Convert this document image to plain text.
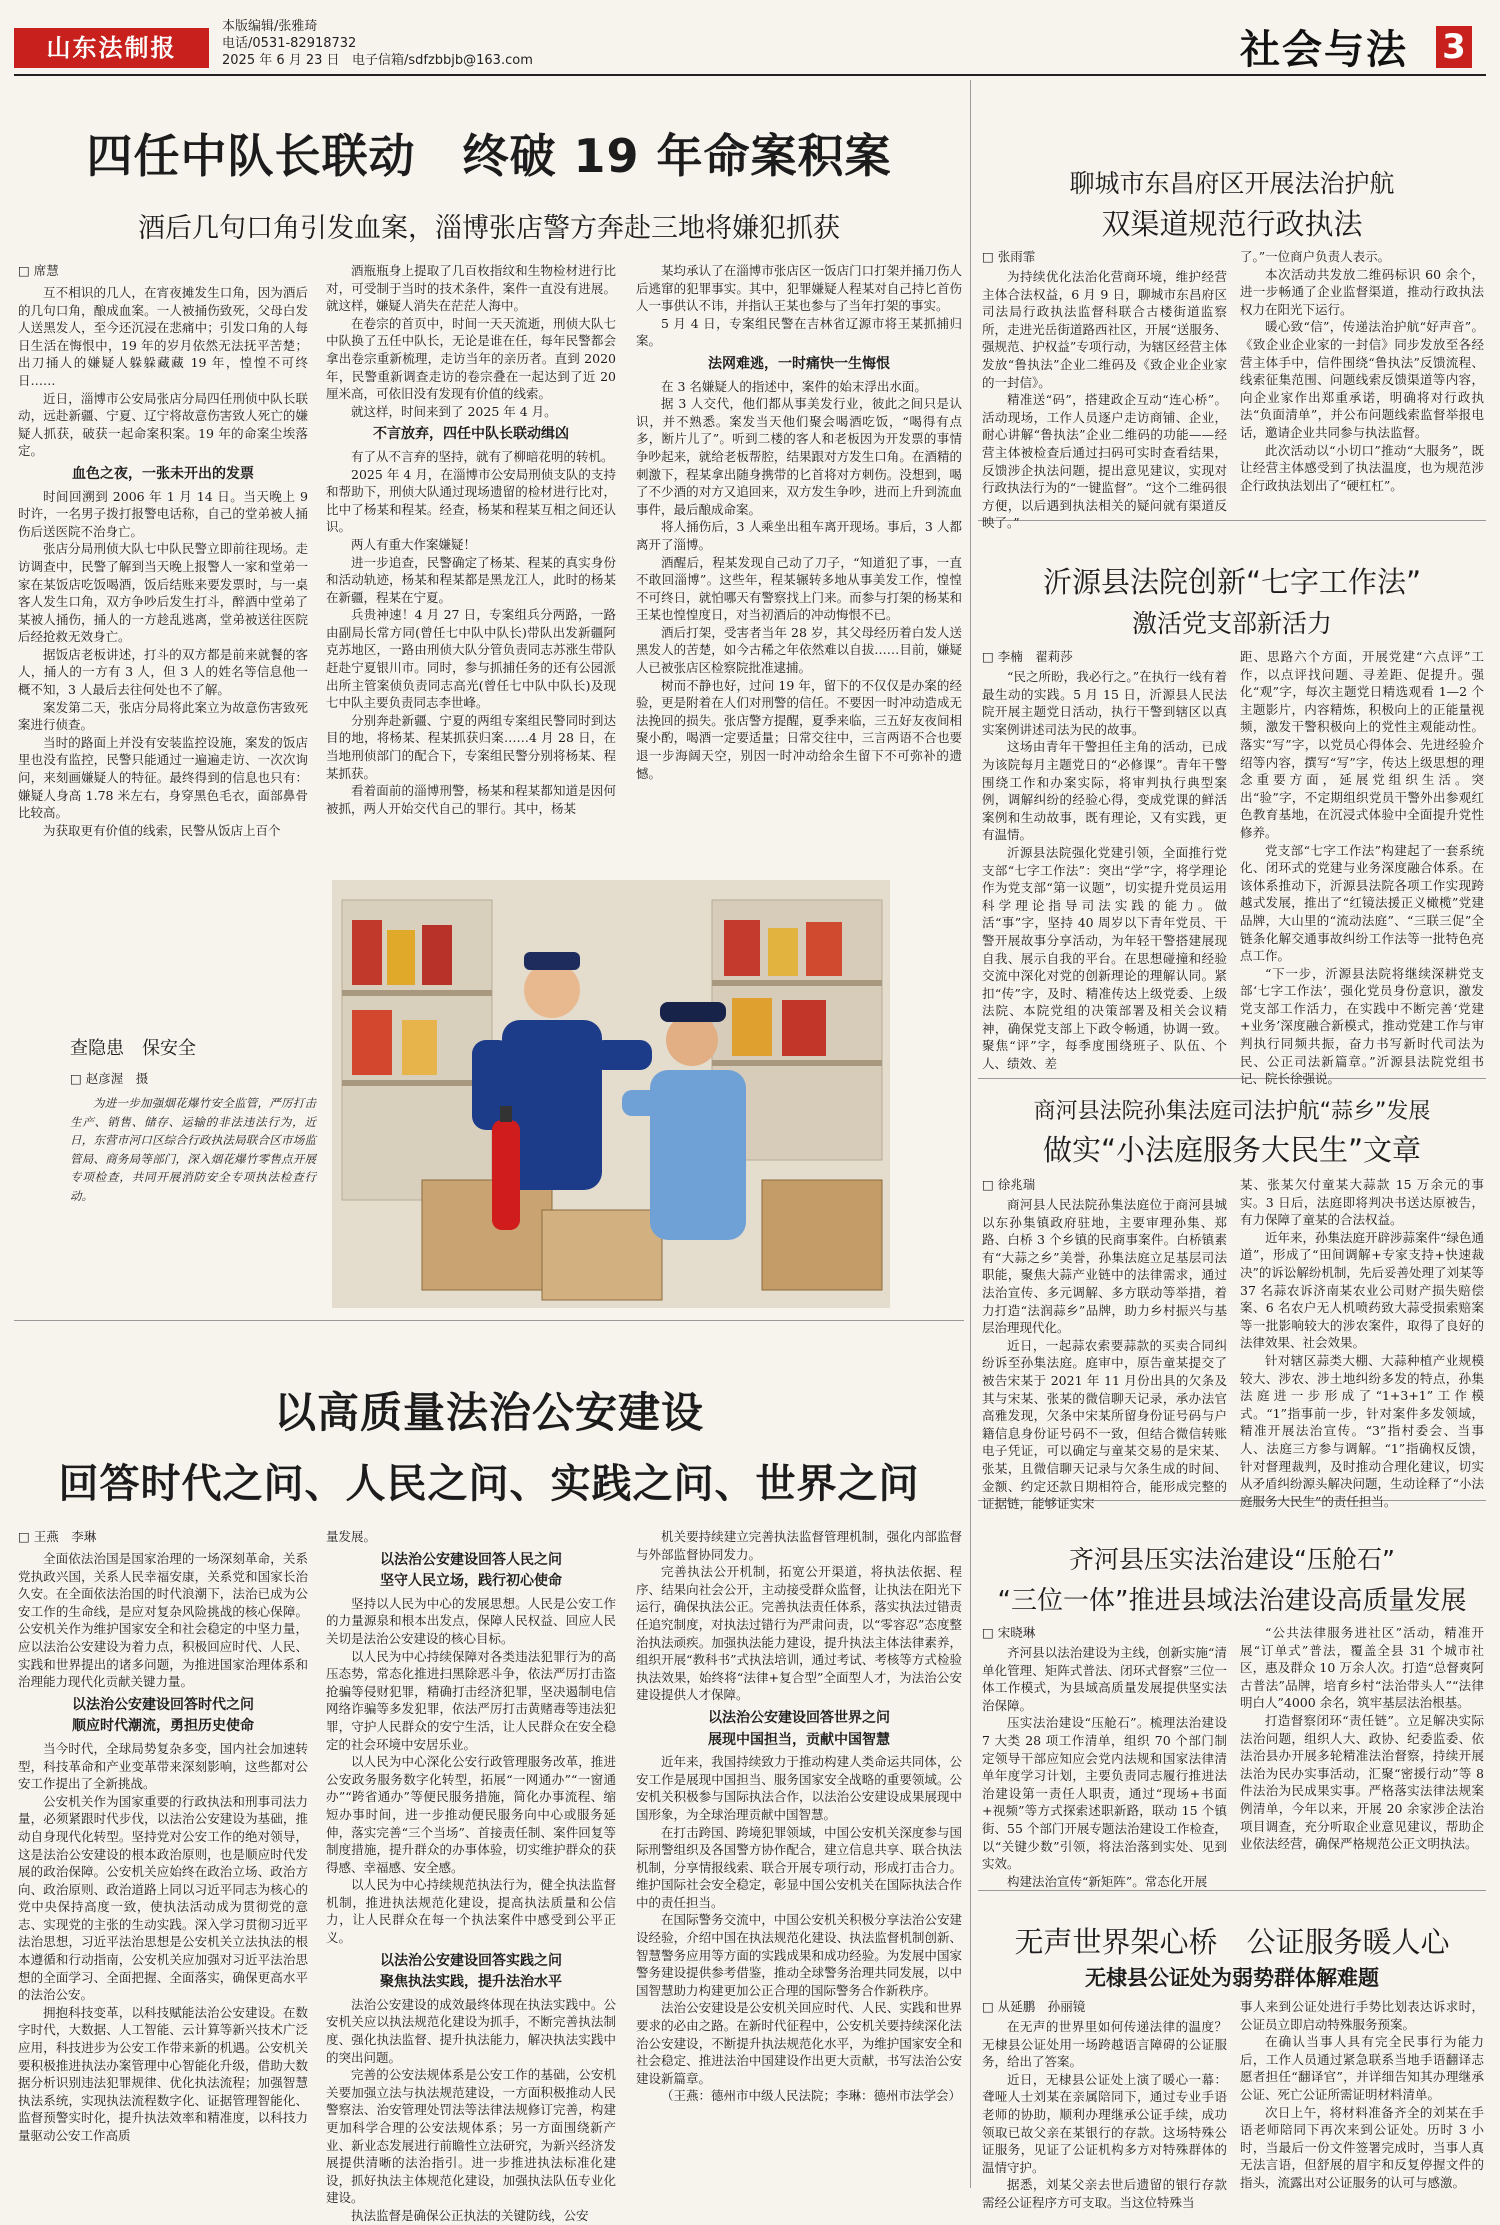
山东法制报
本版编辑/张雅琦
电话/0531-82918732
2025 年 6 月 23 日 电子信箱/sdfzbbjb@163.com	社会与法 3
四任中队长联动　终破 19 年命案积案
酒后几句口角引发血案，淄博张店警方奔赴三地将嫌犯抓获
□ 席慧

互不相识的几人，在宵夜摊发生口角，因为酒后的几句口角，酿成血案。一人被捅伤致死，父母白发人送黑发人，至今还沉浸在悲痛中；引发口角的人每日生活在悔恨中，19 年的岁月依然无法抚平苦楚；出刀捅人的嫌疑人躲躲藏藏 19 年，惶惶不可终日……

近日，淄博市公安局张店分局四任刑侦中队长联动，远赴新疆、宁夏、辽宁将故意伤害致人死亡的嫌疑人抓获，破获一起命案积案。19 年的命案尘埃落定。

血色之夜，一张未开出的发票

时间回溯到 2006 年 1 月 14 日。当天晚上 9 时许，一名男子拨打报警电话称，自己的堂弟被人捅伤后送医院不治身亡。

张店分局刑侦大队七中队民警立即前往现场。走访调查中，民警了解到当天晚上报警人一家和堂弟一家在某饭店吃饭喝酒，饭后结账来要发票时，与一桌客人发生口角，双方争吵后发生打斗，醉酒中堂弟了某被人捅伤，捅人的一方趁乱逃离，堂弟被送往医院后经抢救无效身亡。

据饭店老板讲述，打斗的双方都是前来就餐的客人，捅人的一方有 3 人，但 3 人的姓名等信息他一概不知，3 人最后去往何处也不了解。

案发第二天，张店分局将此案立为故意伤害致死案进行侦查。

当时的路面上并没有安装监控设施，案发的饭店里也没有监控，民警只能通过一遍遍走访、一次次询问，来刻画嫌疑人的特征。最终得到的信息也只有：嫌疑人身高 1.78 米左右，身穿黑色毛衣，面部鼻骨比较高。

为获取更有价值的线索，民警从饭店上百个

酒瓶瓶身上提取了几百枚指纹和生物检材进行比对，可受制于当时的技术条件，案件一直没有进展。就这样，嫌疑人消失在茫茫人海中。

在卷宗的首页中，时间一天天流逝，刑侦大队七中队换了五任中队长，无论是谁在任，每年民警都会拿出卷宗重新梳理，走访当年的亲历者。直到 2020 年，民警重新调查走访的卷宗叠在一起达到了近 20 厘米高，可依旧没有发现有价值的线索。

就这样，时间来到了 2025 年 4 月。

不言放弃，四任中队长联动缉凶

有了从不言弃的坚持，就有了柳暗花明的转机。

2025 年 4 月，在淄博市公安局刑侦支队的支持和帮助下，刑侦大队通过现场遗留的检材进行比对，比中了杨某和程某。经查，杨某和程某互相之间还认识。

两人有重大作案嫌疑！

进一步追查，民警确定了杨某、程某的真实身份和活动轨迹，杨某和程某都是黑龙江人，此时的杨某在新疆，程某在宁夏。

兵贵神速！4 月 27 日，专案组兵分两路，一路由副局长常方同(曾任七中队中队长)带队出发新疆阿克苏地区，一路由刑侦大队分管负责同志苏涨生带队赶赴宁夏银川市。同时，参与抓捕任务的还有公园派出所主管案侦负责同志高光(曾任七中队中队长)及现七中队主要负责同志李世峰。

分别奔赴新疆、宁夏的两组专案组民警同时到达目的地，将杨某、程某抓获归案……4 月 28 日，在当地刑侦部门的配合下，专案组民警分别将杨某、程某抓获。

看着面前的淄博刑警，杨某和程某都知道是因何被抓，两人开始交代自己的罪行。其中，杨某

某均承认了在淄博市张店区一饭店门口打架并捅刀伤人后逃窜的犯罪事实。其中，犯罪嫌疑人程某对自己持匕首伤人一事供认不讳，并指认王某也参与了当年打架的事实。

5 月 4 日，专案组民警在吉林省辽源市将王某抓捕归案。

法网难逃，一时痛快一生悔恨

在 3 名嫌疑人的指述中，案件的始末浮出水面。

据 3 人交代，他们都从事美发行业，彼此之间只是认识，并不熟悉。案发当天他们聚会喝酒吃饭，“喝得有点多，断片儿了”。听到二楼的客人和老板因为开发票的事情争吵起来，就给老板帮腔，结果跟对方发生口角。在酒精的刺激下，程某拿出随身携带的匕首将对方刺伤。没想到，喝了不少酒的对方又追回来，双方发生争吵，进而上升到流血事件，最后酿成命案。

将人捅伤后，3 人乘坐出租车离开现场。事后，3 人都离开了淄博。

酒醒后，程某发现自己动了刀子，“知道犯了事，一直不敢回淄博”。这些年，程某辗转多地从事美发工作，惶惶不可终日，就怕哪天有警察找上门来。而参与打架的杨某和王某也惶惶度日，对当初酒后的冲动悔恨不已。

酒后打架，受害者当年 28 岁，其父母经历着白发人送黑发人的苦楚，如今古稀之年依然难以自拔……目前，嫌疑人已被张店区检察院批准逮捕。

树而不静也好，过问 19 年，留下的不仅仅是办案的经验，更是附着在人们对刑警的信任。不要因一时冲动造成无法挽回的损失。张店警方提醒，夏季来临，三五好友夜间相聚小酌，喝酒一定要适量；日常交往中，三言两语不合也要退一步海阔天空，别因一时冲动给余生留下不可弥补的遗憾。

查隐患　保安全
□ 赵彦渥　摄
为进一步加强烟花爆竹安全监管，严厉打击生产、销售、储存、运输的非法违法行为，近日，东营市河口区综合行政执法局联合区市场监管局、商务局等部门，深入烟花爆竹零售点开展专项检查，共同开展消防安全专项执法检查行动。
以高质量法治公安建设
回答时代之问、人民之问、实践之问、世界之问
□ 王燕　李琳

全面依法治国是国家治理的一场深刻革命，关系党执政兴国，关系人民幸福安康，关系党和国家长治久安。在全面依法治国的时代浪潮下，法治已成为公安工作的生命线，是应对复杂风险挑战的核心保障。公安机关作为维护国家安全和社会稳定的中坚力量，应以法治公安建设为着力点，积极回应时代、人民、实践和世界提出的诸多问题，为推进国家治理体系和治理能力现代化贡献关键力量。

以法治公安建设回答时代之问
顺应时代潮流，勇担历史使命

当今时代，全球局势复杂多变，国内社会加速转型，科技革命和产业变革带来深刻影响，这些都对公安工作提出了全新挑战。

公安机关作为国家重要的行政执法和刑事司法力量，必须紧跟时代步伐，以法治公安建设为基础，推动自身现代化转型。坚持党对公安工作的绝对领导，这是法治公安建设的根本政治原则，也是顺应时代发展的政治保障。公安机关应始终在政治立场、政治方向、政治原则、政治道路上同以习近平同志为核心的党中央保持高度一致，使执法活动成为贯彻党的意志、实现党的主张的生动实践。深入学习贯彻习近平法治思想，习近平法治思想是公安机关立法执法的根本遵循和行动指南，公安机关应加强对习近平法治思想的全面学习、全面把握、全面落实，确保更高水平的法治公安。

拥抱科技变革，以科技赋能法治公安建设。在数字时代，大数据、人工智能、云计算等新兴技术广泛应用，科技进步为公安工作带来新的机遇。公安机关要积极推进执法办案管理中心智能化升级，借助大数据分析识别违法犯罪规律、优化执法流程；加强智慧执法系统，实现执法流程数字化、证据管理智能化、监督预警实时化，提升执法效率和精准度，以科技力量驱动公安工作高质

量发展。

以法治公安建设回答人民之问
坚守人民立场，践行初心使命

坚持以人民为中心的发展思想。人民是公安工作的力量源泉和根本出发点，保障人民权益、回应人民关切是法治公安建设的核心目标。

以人民为中心持续保障对各类违法犯罪行为的高压态势，常态化推进扫黑除恶斗争，依法严厉打击盗抢骗等侵财犯罪，精确打击经济犯罪，坚决遏制电信网络诈骗等多发犯罪，依法严厉打击黄赌毒等违法犯罪，守护人民群众的安宁生活，让人民群众在安全稳定的社会环境中安居乐业。

以人民为中心深化公安行政管理服务改革，推进公安政务服务数字化转型，拓展“一网通办”“一窗通办”“跨省通办”等便民服务措施，简化办事流程、缩短办事时间，进一步推动便民服务向中心或服务延伸，落实完善“三个当场”、首接责任制、案件回复等制度措施，提升群众的办事体验，切实维护群众的获得感、幸福感、安全感。

以人民为中心持续规范执法行为，健全执法监督机制，推进执法规范化建设，提高执法质量和公信力，让人民群众在每一个执法案件中感受到公平正义。

以法治公安建设回答实践之问
聚焦执法实践，提升法治水平

法治公安建设的成效最终体现在执法实践中。公安机关应以执法规范化建设为抓手，不断完善执法制度、强化执法监督、提升执法能力，解决执法实践中的突出问题。

完善的公安法规体系是公安工作的基础，公安机关要加强立法与执法规范建设，一方面积极推动人民警察法、治安管理处罚法等法律法规修订完善，构建更加科学合理的公安法规体系；另一方面围绕新产业、新业态发展进行前瞻性立法研究，为新兴经济发展提供清晰的法治指引。进一步推进执法标准化建设，抓好执法主体规范化建设，加强执法队伍专业化建设。

执法监督是确保公正执法的关键防线，公安

机关要持续建立完善执法监督管理机制，强化内部监督与外部监督协同发力。

完善执法公开机制，拓宽公开渠道，将执法依据、程序、结果向社会公开，主动接受群众监督，让执法在阳光下运行，确保执法公正。完善执法责任体系，落实执法过错责任追究制度，对执法过错行为严肃问责，以“零容忍”态度整治执法顽疾。加强执法能力建设，提升执法主体法律素养，组织开展“教科书”式执法培训，通过考试、考核等方式检验执法效果，始终将“法律+复合型”全面型人才，为法治公安建设提供人才保障。

以法治公安建设回答世界之问
展现中国担当，贡献中国智慧

近年来，我国持续致力于推动构建人类命运共同体，公安工作是展现中国担当、服务国家安全战略的重要领域。公安机关积极参与国际执法合作，以法治公安建设成果展现中国形象，为全球治理贡献中国智慧。

在打击跨国、跨境犯罪领域，中国公安机关深度参与国际刑警组织及各国警方协作配合，建立信息共享、联合执法机制，分享情报线索、联合开展专项行动，形成打击合力。维护国际社会安全稳定，彰显中国公安机关在国际执法合作中的责任担当。

在国际警务交流中，中国公安机关积极分享法治公安建设经验，介绍中国在执法规范化建设、执法监督机制创新、智慧警务应用等方面的实践成果和成功经验。为发展中国家警务建设提供参考借鉴，推动全球警务治理共同发展，以中国智慧助力构建更加公正合理的国际警务合作新秩序。

法治公安建设是公安机关回应时代、人民、实践和世界要求的必由之路。在新时代征程中，公安机关要持续深化法治公安建设，不断提升执法规范化水平，为维护国家安全和社会稳定、推进法治中国建设作出更大贡献，书写法治公安建设新篇章。

（王燕：德州市中级人民法院；李琳：德州市法学会）

聊城市东昌府区开展法治护航
双渠道规范行政执法
□ 张雨霏

为持续优化法治化营商环境，维护经营主体合法权益，6 月 9 日，聊城市东昌府区司法局行政执法监督科联合古楼街道监察所，走进光岳街道路西社区，开展“送服务、强规范、护权益”专项行动，为辖区经营主体发放“鲁执法”企业二维码及《致企业企业家的一封信》。

精准送“码”，搭建政企互动“连心桥”。活动现场，工作人员逐户走访商铺、企业，耐心讲解“鲁执法”企业二维码的功能——经营主体被检查后通过扫码可实时查看结果，反馈涉企执法问题，提出意见建议，实现对行政执法行为的“一键监督”。“这个二维码很方便，以后遇到执法相关的疑问就有渠道反映了。”

了。”一位商户负责人表示。

本次活动共发放二维码标识 60 余个，进一步畅通了企业监督渠道，推动行政执法权力在阳光下运行。

暖心致“信”，传递法治护航“好声音”。《致企业企业家的一封信》同步发放至各经营主体手中，信件围绕“鲁执法”反馈流程、线索征集范围、问题线索反馈渠道等内容，向企业家作出郑重承诺，明确将对行政执法“负面清单”，并公布问题线索监督举报电话，邀请企业共同参与执法监督。

此次活动以“小切口”推动“大服务”，既让经营主体感受到了执法温度，也为规范涉企行政执法划出了“硬杠杠”。

沂源县法院创新“七字工作法”
激活党支部新活力
□ 李楠　翟莉莎

“民之所盼，我必行之。”在执行一线有着最生动的实践。5 月 15 日，沂源县人民法院开展主题党日活动，执行干警到辖区以真实案例讲述司法为民的故事。

这场由青年干警担任主角的活动，已成为该院每月主题党日的“必修课”。青年干警围绕工作和办案实际，将审判执行典型案例，调解纠纷的经验心得，变成党课的鲜活案例和生动故事，既有理论，又有实践，更有温情。

沂源县法院强化党建引领，全面推行党支部“七字工作法”：突出“学”字，将学理论作为党支部“第一议题”，切实提升党员运用科学理论指导司法实践的能力。做活“事”字，坚持 40 周岁以下青年党员、干警开展故事分享活动，为年轻干警搭建展现自我、展示自我的平台。在思想碰撞和经验交流中深化对党的创新理论的理解认同。紧扣“传”字，及时、精准传达上级党委、上级法院、本院党组的决策部署及相关会议精神，确保党支部上下政令畅通，协调一致。聚焦“评”字，每季度围绕班子、队伍、个人、绩效、差

距、思路六个方面，开展党建“六点评”工作，以点评找问题、寻差距、促提升。强化“观”字，每次主题党日精选观看 1—2 个主题影片，内容精炼，积极向上的正能量视频，激发干警积极向上的党性主观能动性。落实“写”字，以党员心得体会、先进经验介绍等内容，撰写“写”字，传达上级思想的理念重要方面，延展党组织生活。突出“验”字，不定期组织党员干警外出参观红色教育基地，在沉浸式体验中全面提升党性修养。

党支部“七字工作法”构建起了一套系统化、闭环式的党建与业务深度融合体系。在该体系推动下，沂源县法院各项工作实现跨越式发展，推出了“红镜法援正义橄榄”党建品牌，大山里的“流动法庭”、“三联三促”全链条化解交通事故纠纷工作法等一批特色亮点工作。

“下一步，沂源县法院将继续深耕党支部‘七字工作法’，强化党员身份意识，激发党支部工作活力，在实践中不断完善‘党建+业务’深度融合新模式，推动党建工作与审判执行同频共振，奋力书写新时代司法为民、公正司法新篇章。”沂源县法院党组书记、院长徐强说。

商河县法院孙集法庭司法护航“蒜乡”发展
做实“小法庭服务大民生”文章
□ 徐兆瑞

商河县人民法院孙集法庭位于商河县城以东孙集镇政府驻地，主要审理孙集、郑路、白桥 3 个乡镇的民商事案件。白桥镇素有“大蒜之乡”美誉，孙集法庭立足基层司法职能，聚焦大蒜产业链中的法律需求，通过法治宣传、多元调解、多方联动等举措，着力打造“法润蒜乡”品牌，助力乡村振兴与基层治理现代化。

近日，一起蒜农索要蒜款的买卖合同纠纷诉至孙集法庭。庭审中，原告童某提交了被告宋某于 2021 年 11 月份出具的欠条及其与宋某、张某的微信聊天记录，承办法官高雅发现，欠条中宋某所留身份证号码与户籍信息身份证号码不一致，但结合微信转账电子凭证，可以确定与童某交易的是宋某、张某，且微信聊天记录与欠条生成的时间、金额、约定还款日期相符合，能形成完整的证据链，能够证实宋

某、张某欠付童某大蒜款 15 万余元的事实。3 日后，法庭即将判决书送达原被告，有力保障了童某的合法权益。

近年来，孙集法庭开辟涉蒜案件“绿色通道”，形成了“田间调解+专家支持+快速裁决”的诉讼解纷机制，先后妥善处理了刘某等 37 名蒜农诉济南某农业公司财产损失赔偿案、6 名农户无人机喷药致大蒜受损索赔案等一批影响较大的涉农案件，取得了良好的法律效果、社会效果。

针对辖区蒜类大棚、大蒜种植产业规模较大、涉农、涉土地纠纷多发的特点，孙集法庭进一步形成了“1+3+1”工作模式。“1”指事前一步，针对案件多发领域，精准开展法治宣传。“3”指村委会、当事人、法庭三方参与调解。“1”指确权反馈，针对督理裁判，及时推动合理化建议，切实从矛盾纠纷源头解决问题，生动诠释了“小法庭服务大民生”的责任担当。

齐河县压实法治建设“压舱石”
“三位一体”推进县域法治建设高质量发展
□ 宋晓琳

齐河县以法治建设为主线，创新实施“清单化管理、矩阵式普法、闭环式督察”三位一体工作模式，为县域高质量发展提供坚实法治保障。

压实法治建设“压舱石”。梳理法治建设 7 大类 28 项工作清单，组织 70 个部门制定领导干部应知应会党内法规和国家法律清单年度学习计划，主要负责同志履行推进法治建设第一责任人职责，通过“现场+书面+视频”等方式探索述职新路，联动 15 个镇街、55 个部门开展专题法治建设工作检查，以“关键少数”引领，将法治落到实处、见到实效。

构建法治宣传“新矩阵”。常态化开展

“公共法律服务进社区”活动，精准开展“订单式”普法，覆盖全县 31 个城市社区，惠及群众 10 万余人次。打造“总督爽阿古普法”品牌，培育乡村“法治带头人”“法律明白人”4000 余名，筑牢基层法治根基。

打造督察闭环“责任链”。立足解决实际法治问题，组织人大、政协、纪委监委、依法治县办开展多轮精准法治督察，持续开展法治为民办实事活动，汇聚“密援行动”等 8 件法治为民成果实事。严格落实法律法规案例清单，今年以来，开展 20 余家涉企法治项目调查，充分听取企业意见建议，帮助企业依法经营，确保严格规范公正文明执法。

无声世界架心桥　公证服务暖人心
无棣县公证处为弱势群体解难题
□ 从延鹏　孙丽镜

在无声的世界里如何传递法律的温度？无棣县公证处用一场跨越语言障碍的公证服务，给出了答案。

近日，无棣县公证处上演了暖心一幕：聋哑人士刘某在亲属陪同下，通过专业手语老师的协助，顺利办理继承公证手续，成功领取已故父亲在某银行的存款。这场特殊公证服务，见证了公证机构多方对特殊群体的温情守护。

据悉，刘某父亲去世后遗留的银行存款需经公证程序方可支取。当这位特殊当

事人来到公证处进行手势比划表达诉求时，公证员立即启动特殊服务预案。

在确认当事人具有完全民事行为能力后，工作人员通过紧急联系当地手语翻译志愿者担任“翻译官”，并详细告知其办理继承公证、死亡公证所需证明材料清单。

次日上午，将材料准备齐全的刘某在手语老师陪同下再次来到公证处。历时 3 小时，当最后一份文件签署完成时，当事人真无法言语，但舒展的眉宇和反复停握文件的指头，流露出对公证服务的认可与感激。
